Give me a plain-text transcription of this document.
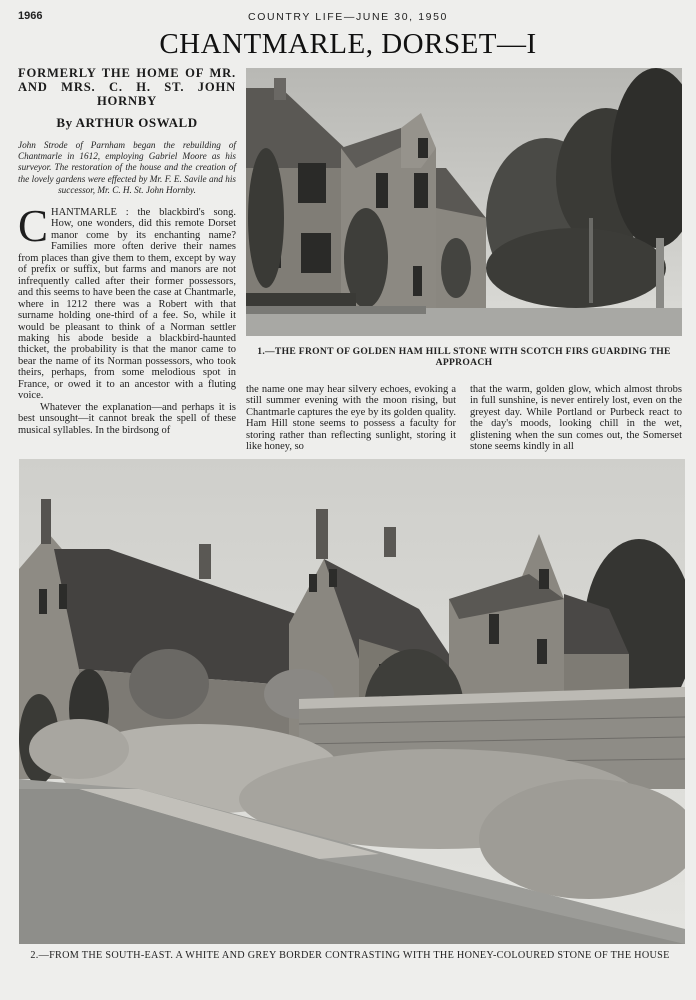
1966	COUNTRY LIFE—JUNE 30, 1950
CHANTMARLE, DORSET—I
FORMERLY THE HOME OF MR. AND MRS. C. H. ST. JOHN HORNBY
By ARTHUR OSWALD
John Strode of Parnham began the rebuilding of Chantmarle in 1612, employing Gabriel Moore as his surveyor. The restoration of the house and the creation of the lovely gardens were effected by Mr. F. E. Savile and his successor, Mr. C. H. St. John Hornby.

CHANTMARLE : the blackbird's song. How, one wonders, did this remote Dorset manor come by its enchanting name? Families more often derive their names from places than give them to them, except by way of prefix or suffix, but farms and manors are not infrequently called after their former possessors, and this seems to have been the case at Chantmarle, where in 1212 there was a Robert with that surname holding one-third of a fee. So, while it would be pleasant to think of a Norman settler making his abode beside a blackbird-haunted thicket, the probability is that the manor came to bear the name of its Norman possessors, who took theirs, perhaps, from some melodious spot in France, or owed it to an ancestor with a fluting voice.

Whatever the explanation—and perhaps it is best unsought—it cannot break the spell of these musical syllables. In the birdsong of

1.—THE FRONT OF GOLDEN HAM HILL STONE WITH SCOTCH FIRS GUARDING THE APPROACH
the name one may hear silvery echoes, evoking a still summer evening with the moon rising, but Chantmarle captures the eye by its golden quality. Ham Hill stone seems to possess a faculty for storing rather than reflecting sunlight, storing it like honey, so
that the warm, golden glow, which almost throbs in full sunshine, is never entirely lost, even on the greyest day. While Portland or Purbeck react to the day's moods, looking chill in the wet, glistening when the sun comes out, the Somerset stone seems kindly in all
2.—FROM THE SOUTH-EAST. A WHITE AND GREY BORDER CONTRASTING WITH THE HONEY-COLOURED STONE OF THE HOUSE
